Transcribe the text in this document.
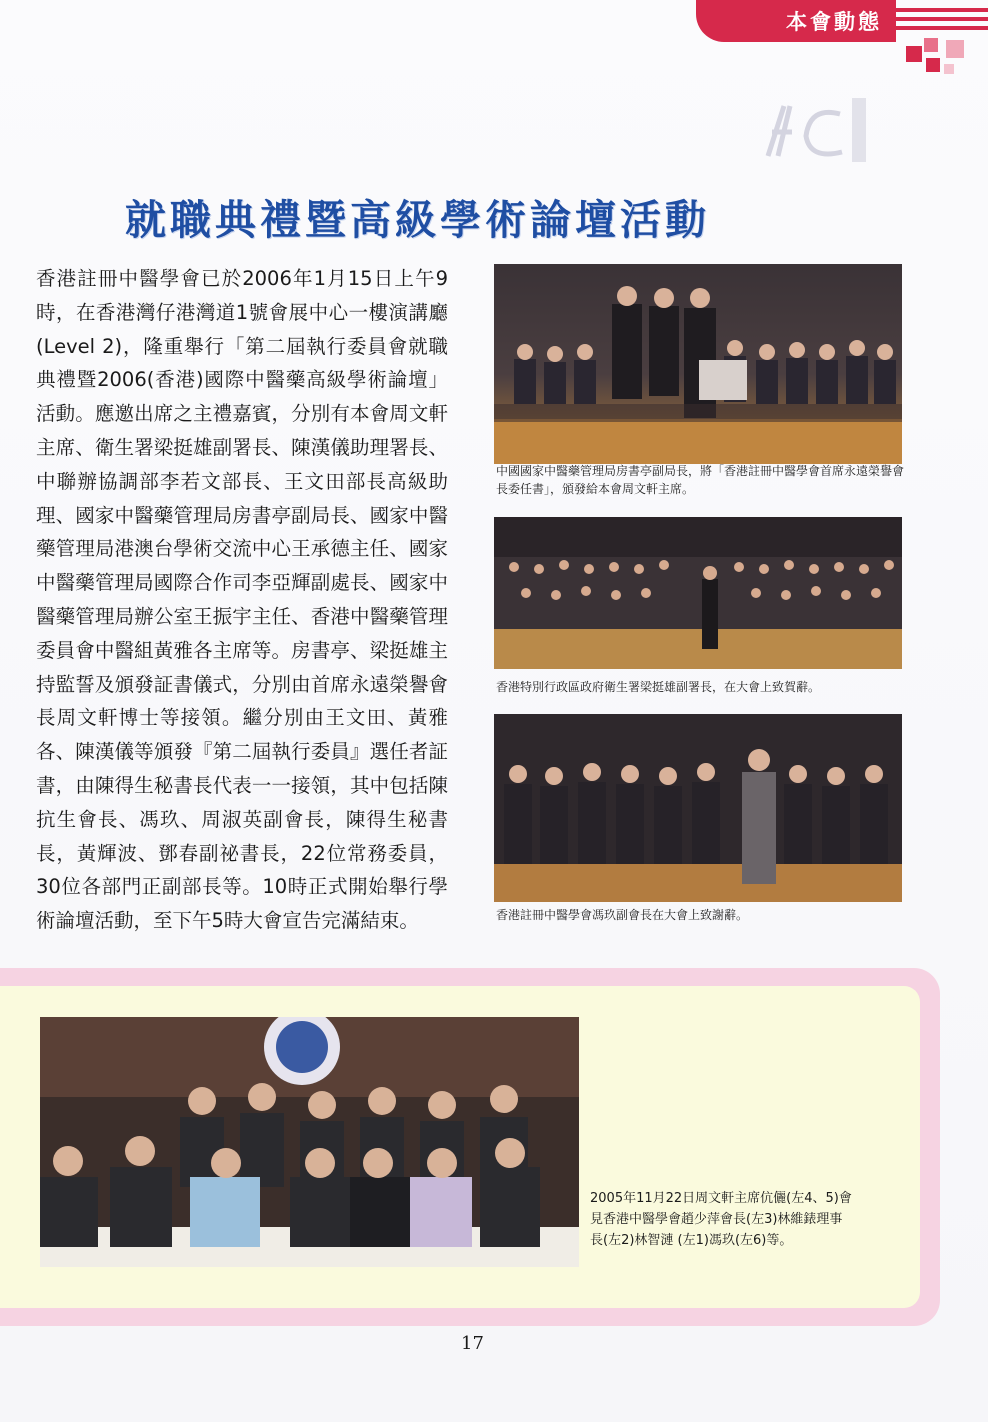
本會動態
就職典禮暨高級學術論壇活動
香港註冊中醫學會已於2006年1月15日上午9時，在香港灣仔港灣道1號會展中心一樓演講廳(Level 2)，隆重舉行「第二屆執行委員會就職典禮暨2006(香港)國際中醫藥高級學術論壇」活動。應邀出席之主禮嘉賓，分別有本會周文軒主席、衛生署梁挺雄副署長、陳漢儀助理署長、中聯辦協調部李若文部長、王文田部長高級助理、國家中醫藥管理局房書亭副局長、國家中醫藥管理局港澳台學術交流中心王承德主任、國家中醫藥管理局國際合作司李亞輝副處長、國家中醫藥管理局辦公室王振宇主任、香港中醫藥管理委員會中醫組黃雅各主席等。房書亭、梁挺雄主持監誓及頒發証書儀式，分別由首席永遠榮譽會長周文軒博士等接領。繼分別由王文田、黃雅各、陳漢儀等頒發『第二屆執行委員』選任者証書，由陳得生秘書長代表一一接領，其中包括陳抗生會長、馮玖、周淑英副會長，陳得生秘書長，黃輝波、鄧春副祕書長，22位常務委員，30位各部門正副部長等。10時正式開始舉行學術論壇活動，至下午5時大會宣告完滿結束。
中國國家中醫藥管理局房書亭副局長，將「香港註冊中醫學會首席永遠榮譽會長委任書」，頒發給本會周文軒主席。
香港特別行政區政府衛生署梁挺雄副署長，在大會上致賀辭。
香港註冊中醫學會馮玖副會長在大會上致謝辭。
2005年11月22日周文軒主席伉儷(左4、5)會見香港中醫學會趙少萍會長(左3)林維錶理事長(左2)林智漣 (左1)馮玖(左6)等。
17
